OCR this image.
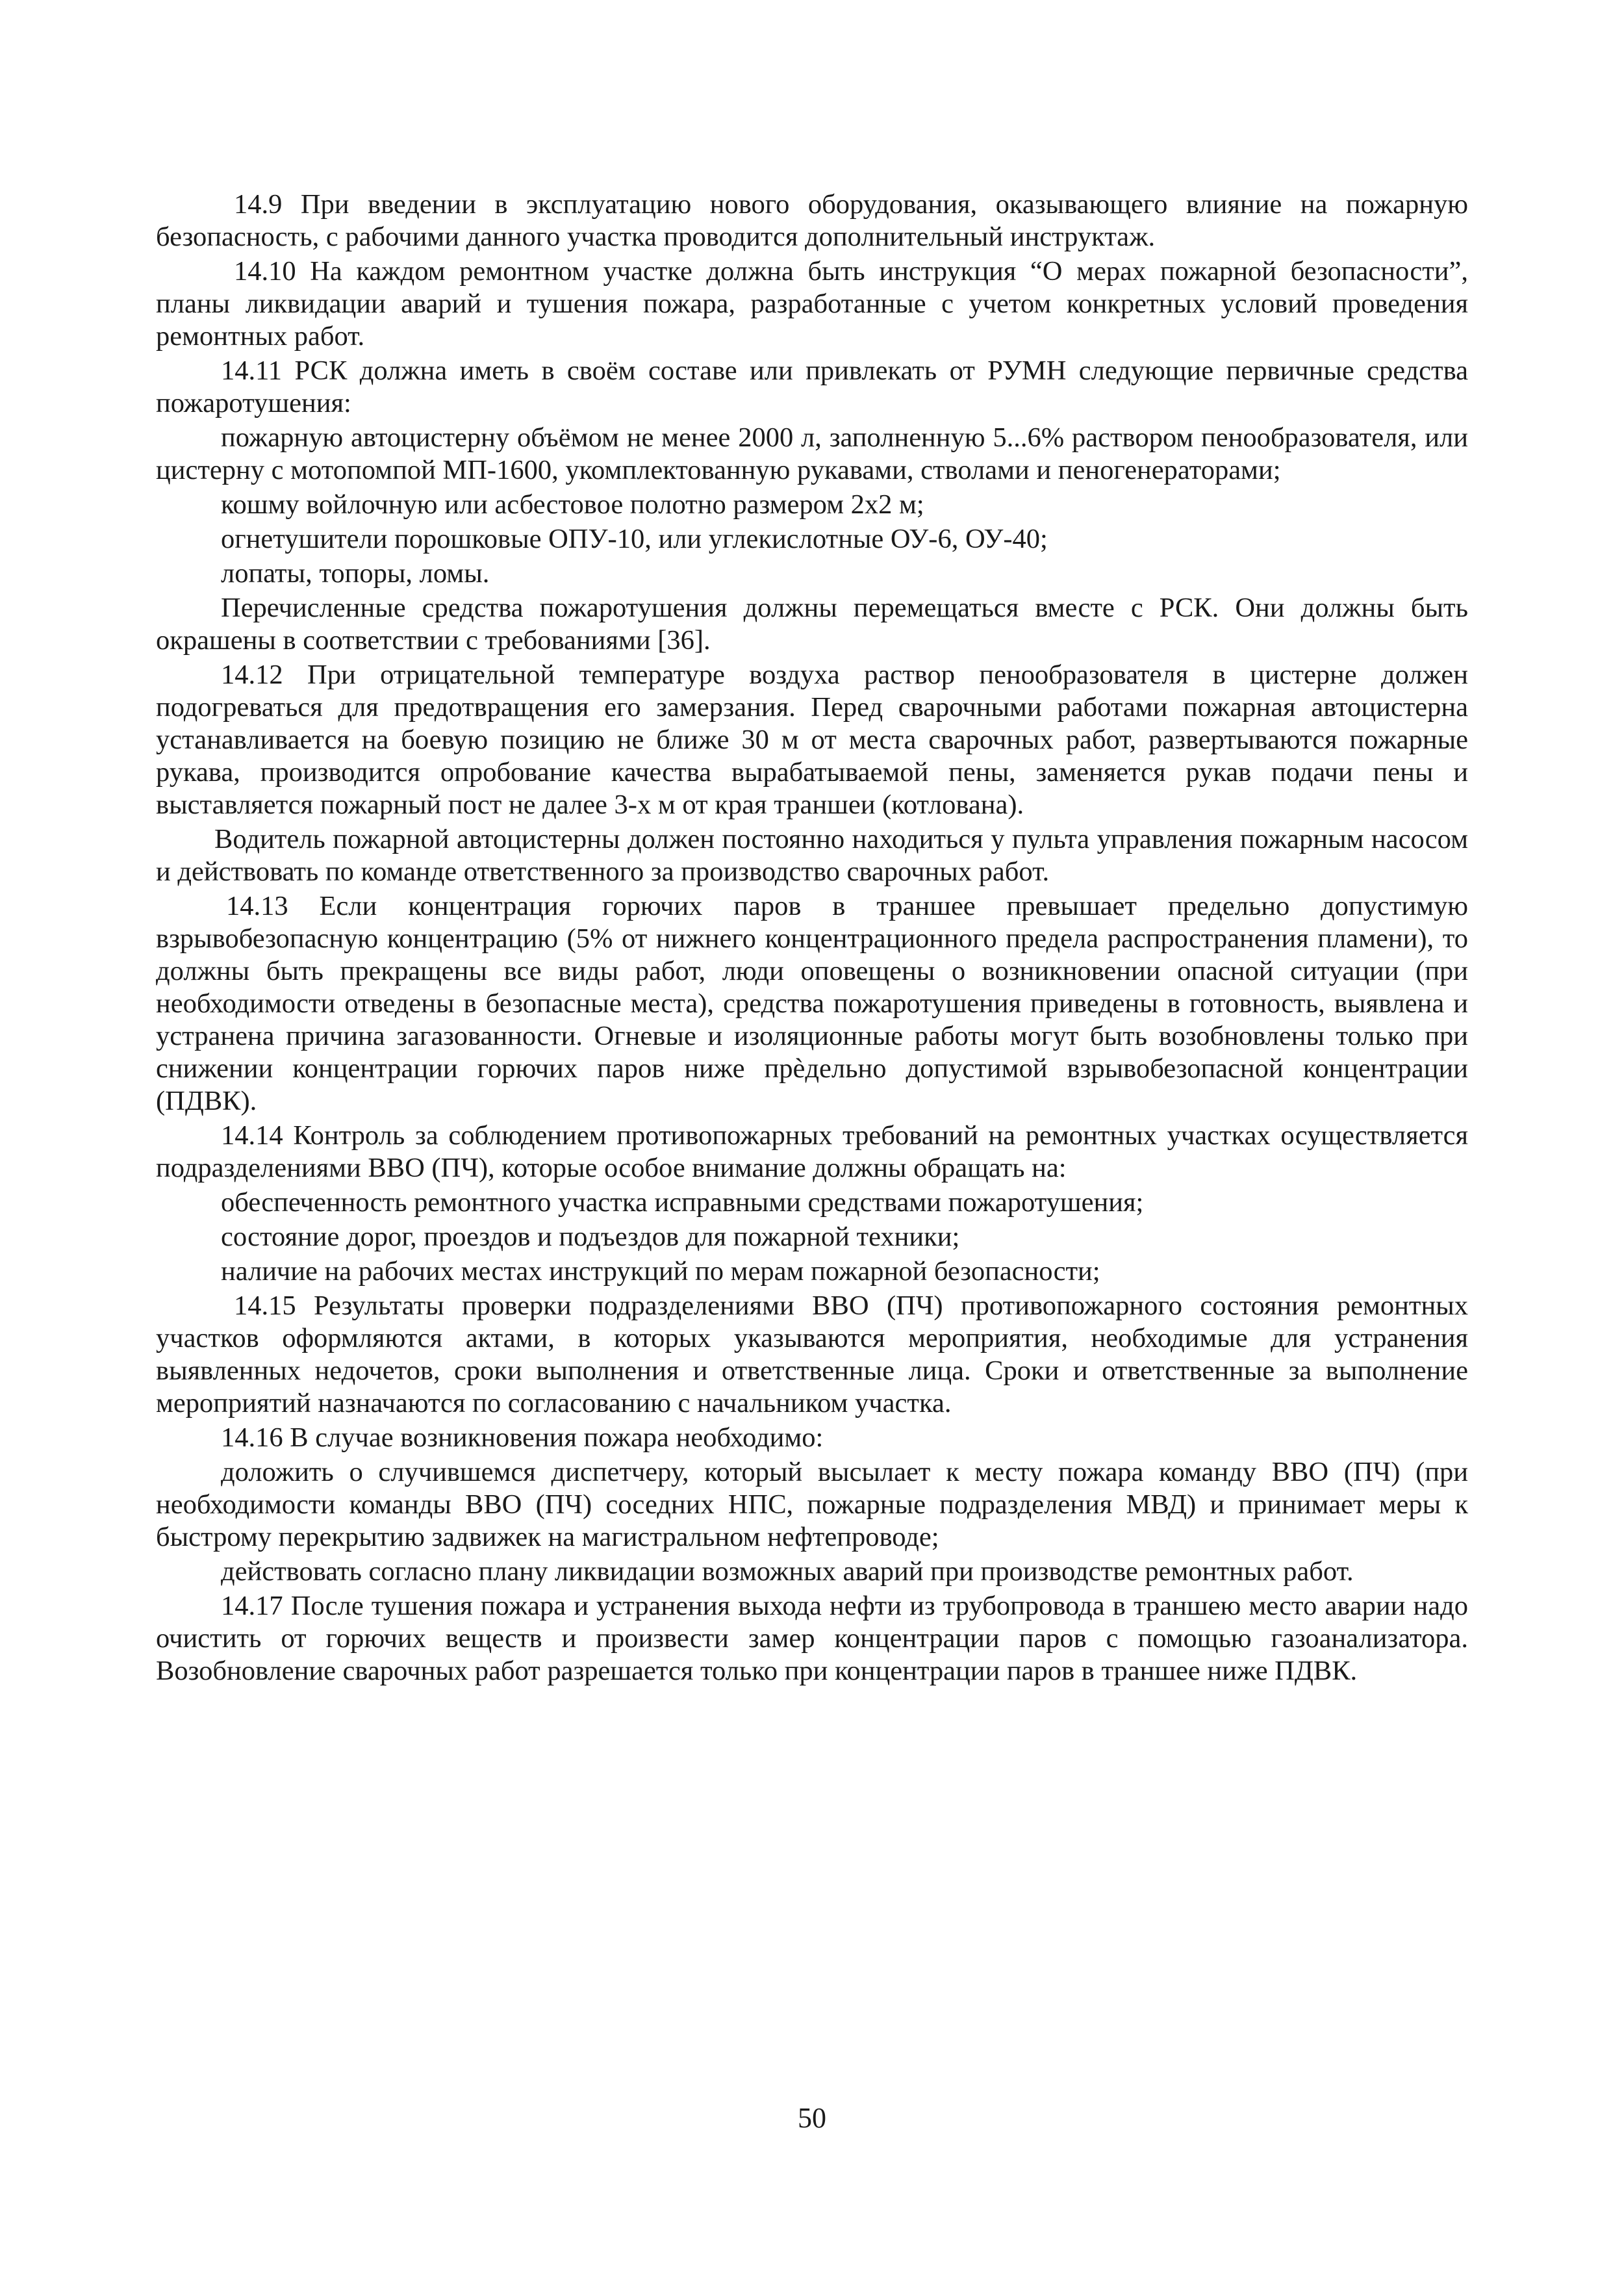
14.9 При введении в эксплуатацию нового оборудования, оказывающего влияние на пожарную безопасность, с рабочими данного участка проводится дополнительный инструктаж.

14.10 На каждом ремонтном участке должна быть инструкция “О мерах пожарной безопасности”, планы ликвидации аварий и тушения пожара, разработанные с учетом конкретных условий проведения ремонтных работ.

14.11 РСК должна иметь в своём составе или привлекать от РУМН следующие первичные средства пожаротушения:

пожарную автоцистерну объёмом не менее 2000 л, заполненную 5...6% раствором пенообразователя, или цистерну с мотопомпой МП-1600, укомплектованную рукавами, стволами и пеногенераторами;

кошму войлочную или асбестовое полотно размером 2х2 м;

огнетушители порошковые ОПУ-10, или углекислотные ОУ-6, ОУ-40;

лопаты, топоры, ломы.

Перечисленные средства пожаротушения должны перемещаться вместе с РСК. Они должны быть окрашены в соответствии с требованиями [36].

14.12 При отрицательной температуре воздуха раствор пенообразователя в цистерне должен подогреваться для предотвращения его замерзания. Перед сварочными работами пожарная автоцистерна устанавливается на боевую позицию не ближе 30 м от места сварочных работ, развертываются пожарные рукава, производится опробование качества вырабатываемой пены, заменяется рукав подачи пены и выставляется пожарный пост не далее 3-х м от края траншеи (котлована).

Водитель пожарной автоцистерны должен постоянно находиться у пульта управления пожарным насосом и действовать по команде ответственного за производство сварочных работ.

14.13 Если концентрация горючих паров в траншее превышает предельно допустимую взрывобезопасную концентрацию (5% от нижнего концентрационного предела распространения пламени), то должны быть прекращены все виды работ, люди оповещены о возникновении опасной ситуации (при необходимости отведены в безопасные места), средства пожаротушения приведены в готовность, выявлена и устранена причина загазованности. Огневые и изоляционные работы могут быть возобновлены только при снижении концентрации горючих паров ниже прѐдельно допустимой взрывобезопасной концентрации (ПДВК).

14.14 Контроль за соблюдением противопожарных требований на ремонтных участках осуществляется подразделениями ВВО (ПЧ), которые особое внимание должны обращать на:

обеспеченность ремонтного участка исправными средствами пожаротушения;

состояние дорог, проездов и подъездов для пожарной техники;

наличие на рабочих местах инструкций по мерам пожарной безопасности;

14.15 Результаты проверки подразделениями ВВО (ПЧ) противопожарного состояния ремонтных участков оформляются актами, в которых указываются мероприятия, необходимые для устранения выявленных недочетов, сроки выполнения и ответственные лица. Сроки и ответственные за выполнение мероприятий назначаются по согласованию с начальником участка.

14.16 В случае возникновения пожара необходимо:

доложить о случившемся диспетчеру, который высылает к месту пожара команду ВВО (ПЧ) (при необходимости команды ВВО (ПЧ) соседних НПС, пожарные подразделения МВД) и принимает меры к быстрому перекрытию задвижек на магистральном нефтепроводе;

действовать согласно плану ликвидации возможных аварий при производстве ремонтных работ.

14.17 После тушения пожара и устранения выхода нефти из трубопровода в траншею место аварии надо очистить от горючих веществ и произвести замер концентрации паров с помощью газоанализатора. Возобновление сварочных работ разрешается только при концентрации паров в траншее ниже ПДВК.

50
